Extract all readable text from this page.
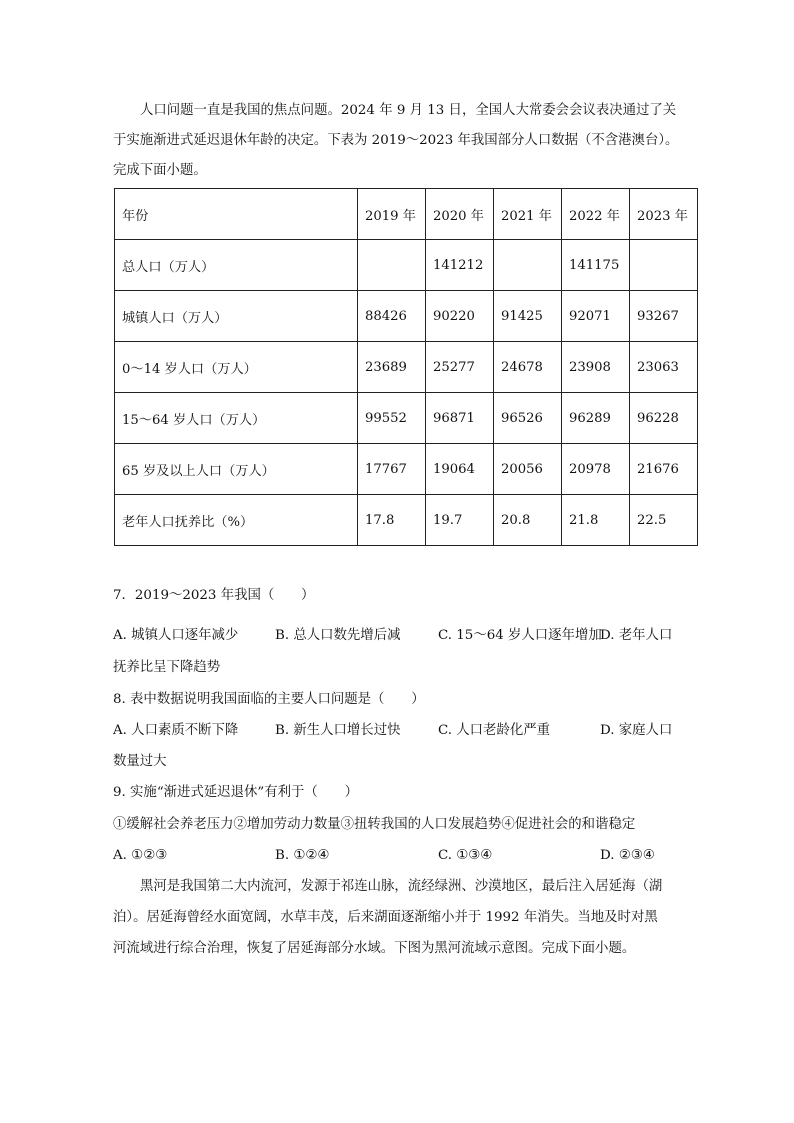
人口问题一直是我国的焦点问题。2024 年 9 月 13 日，全国人大常委会会议表决通过了关
于实施渐进式延迟退休年龄的决定。下表为 2019～2023 年我国部分人口数据（不含港澳台）。
完成下面小题。
年份	2019 年	2020 年	2021 年	2022 年	2023 年
总人口（万人）		141212		141175	
城镇人口（万人）	88426	90220	91425	92071	93267
0～14 岁人口（万人）	23689	25277	24678	23908	23063
15～64 岁人口（万人）	99552	96871	96526	96289	96228
65 岁及以上人口（万人）	17767	19064	20056	20978	21676
老年人口抚养比（%）	17.8	19.7	20.8	21.8	22.5
7．2019～2023 年我国（　　）
A. 城镇人口逐年减少	B. 总人口数先增后减	C. 15～64 岁人口逐年增加
D. 老年人口
抚养比呈下降趋势
8. 表中数据说明我国面临的主要人口问题是（　　）
A. 人口素质不断下降	B. 新生人口增长过快	C. 人口老龄化严重	D. 家庭人口
数量过大
9. 实施“渐进式延迟退休”有利于（　　）
①缓解社会养老压力②增加劳动力数量③扭转我国的人口发展趋势④促进社会的和谐稳定
A. ①②③	B. ①②④	C. ①③④	D. ②③④
黑河是我国第二大内流河，发源于祁连山脉，流经绿洲、沙漠地区，最后注入居延海（湖
泊）。居延海曾经水面宽阔，水草丰茂，后来湖面逐渐缩小并于 1992 年消失。当地及时对黑
河流域进行综合治理，恢复了居延海部分水域。下图为黑河流域示意图。完成下面小题。
